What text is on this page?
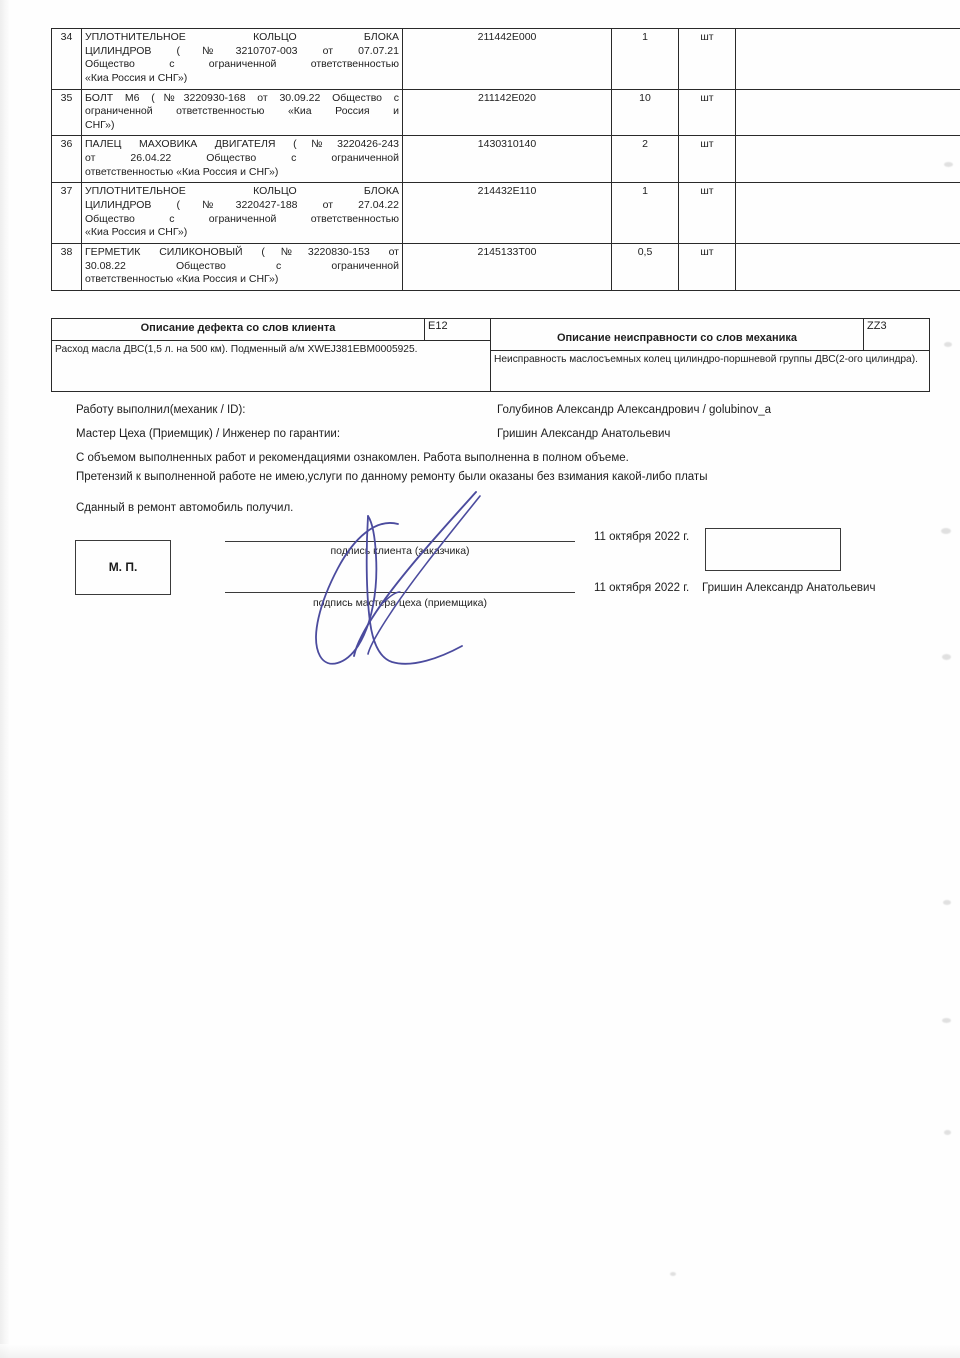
34	УПЛОТНИТЕЛЬНОЕ КОЛЬЦО БЛОКА
ЦИЛИНДРОВ (№3210707-003 от 07.07.21
Общество с ограниченной ответственностью
«Киа Россия и СНГ»)	211442E000	1	шт	
35	БОЛТ М6 (№3220930-168 от 30.09.22 Общество с
ограниченной ответственностью «Киа Россия и
СНГ»)	211142E020	10	шт	
36	ПАЛЕЦ МАХОВИКА ДВИГАТЕЛЯ (№3220426-243
от 26.04.22 Общество с ограниченной
ответственностью «Киа Россия и СНГ»)	1430310140	2	шт	
37	УПЛОТНИТЕЛЬНОЕ КОЛЬЦО БЛОКА
ЦИЛИНДРОВ (№3220427-188 от 27.04.22
Общество с ограниченной ответственностью
«Киа Россия и СНГ»)	214432E110	1	шт	
38	ГЕРМЕТИК СИЛИКОНОВЫЙ (№3220830-153 от
30.08.22 Общество с ограниченной
ответственностью «Киа Россия и СНГ»)	2145133T00	0,5	шт	
Описание дефекта со слов клиента	E12
Расход масла ДВС(1,5 л. на 500 км). Подменный а/м XWEJ381EBM0005925.
Описание неисправности со слов механика
ZZ3
Неисправность маслосъемных колец цилиндро-поршневой группы ДВС(2-ого цилиндра).
Работу выполнил(механик / ID):	Голубинов Александр Александрович / golubinov_a
Мастер Цеха (Приемщик) / Инженер по гарантии:	Гришин Александр Анатольевич
С объемом выполненных работ и рекомендациями ознакомлен. Работа выполненна в полном объеме.
Претензий к выполненной работе не имею,услуги по данному ремонту были оказаны без взимания какой-либо платы
Сданный в ремонт автомобиль получил.
М. П.
подпись клиента (заказчика)
подпись мастера цеха (приемщика)
11 октября 2022 г.
11 октября 2022 г. Гришин Александр Анатольевич
